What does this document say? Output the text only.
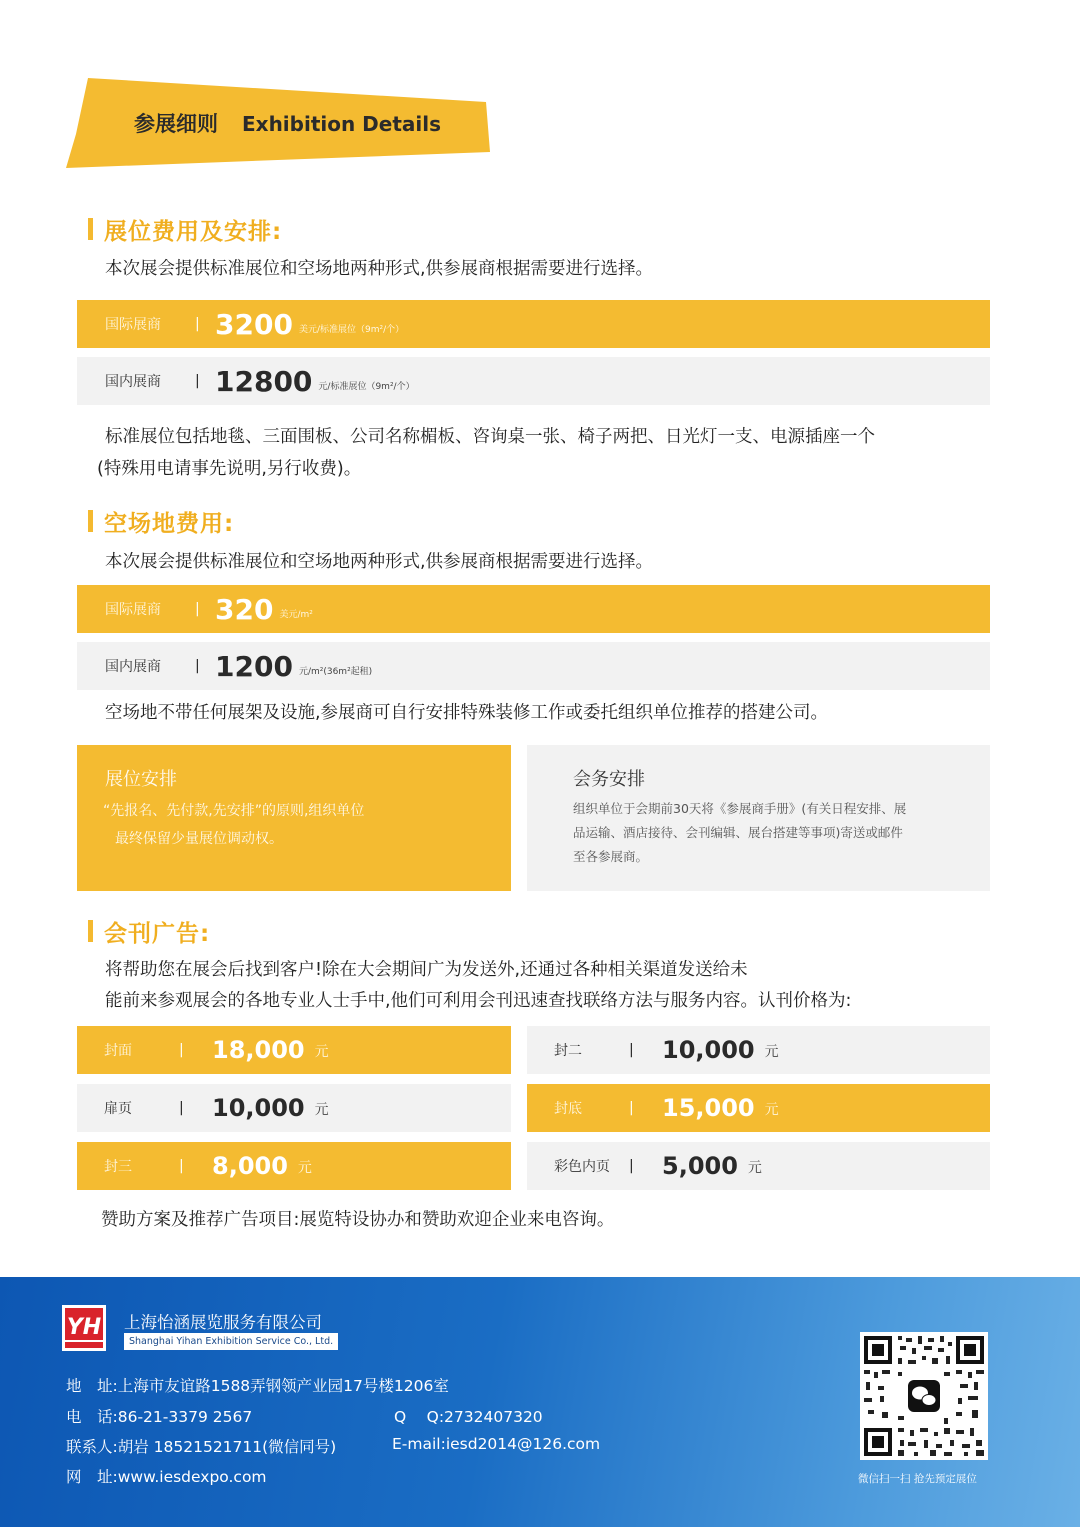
参展细则 Exhibition Details
展位费用及安排:
本次展会提供标准展位和空场地两种形式,供参展商根据需要进行选择。
国际展商	| 3200 美元/标准展位（9m²/个）
国内展商	| 12800 元/标准展位（9m²/个）
标准展位包括地毯、三面围板、公司名称楣板、咨询桌一张、椅子两把、日光灯一支、电源插座一个
(特殊用电请事先说明,另行收费)。
空场地费用:
本次展会提供标准展位和空场地两种形式,供参展商根据需要进行选择。
国际展商	| 320 美元/m²
国内展商	| 1200 元/m²(36m²起租)
空场地不带任何展架及设施,参展商可自行安排特殊装修工作或委托组织单位推荐的搭建公司。
展位安排
“先报名、先付款,先安排”的原则,组织单位
最终保留少量展位调动权。
会务安排
组织单位于会期前30天将《参展商手册》(有关日程安排、展
品运输、酒店接待、会刊编辑、展台搭建等事项)寄送或邮件
至各参展商。
会刊广告:
将帮助您在展会后找到客户!除在大会期间广为发送外,还通过各种相关渠道发送给未
能前来参观展会的各地专业人士手中,他们可利用会刊迅速查找联络方法与服务内容。认刊价格为:
封面	|	18,000 元	封二	|	10,000 元
扉页	|	10,000 元	封底	|	15,000 元
封三	|	8,000 元	彩色内页	|	5,000 元
赞助方案及推荐广告项目:展览特设协办和赞助欢迎企业来电咨询。
YH 上海怡涵展览服务有限公司
Shanghai Yihan Exhibition Service Co., Ltd.
地　址:上海市友谊路1588弄钢领产业园17号楼1206室
电　话:86-21-3379 2567	Q　 Q:2732407320
联系人:胡岩 18521521711(微信同号)	E-mail:iesd2014@126.com
网　址:www.iesdexpo.com	微信扫一扫 抢先预定展位
